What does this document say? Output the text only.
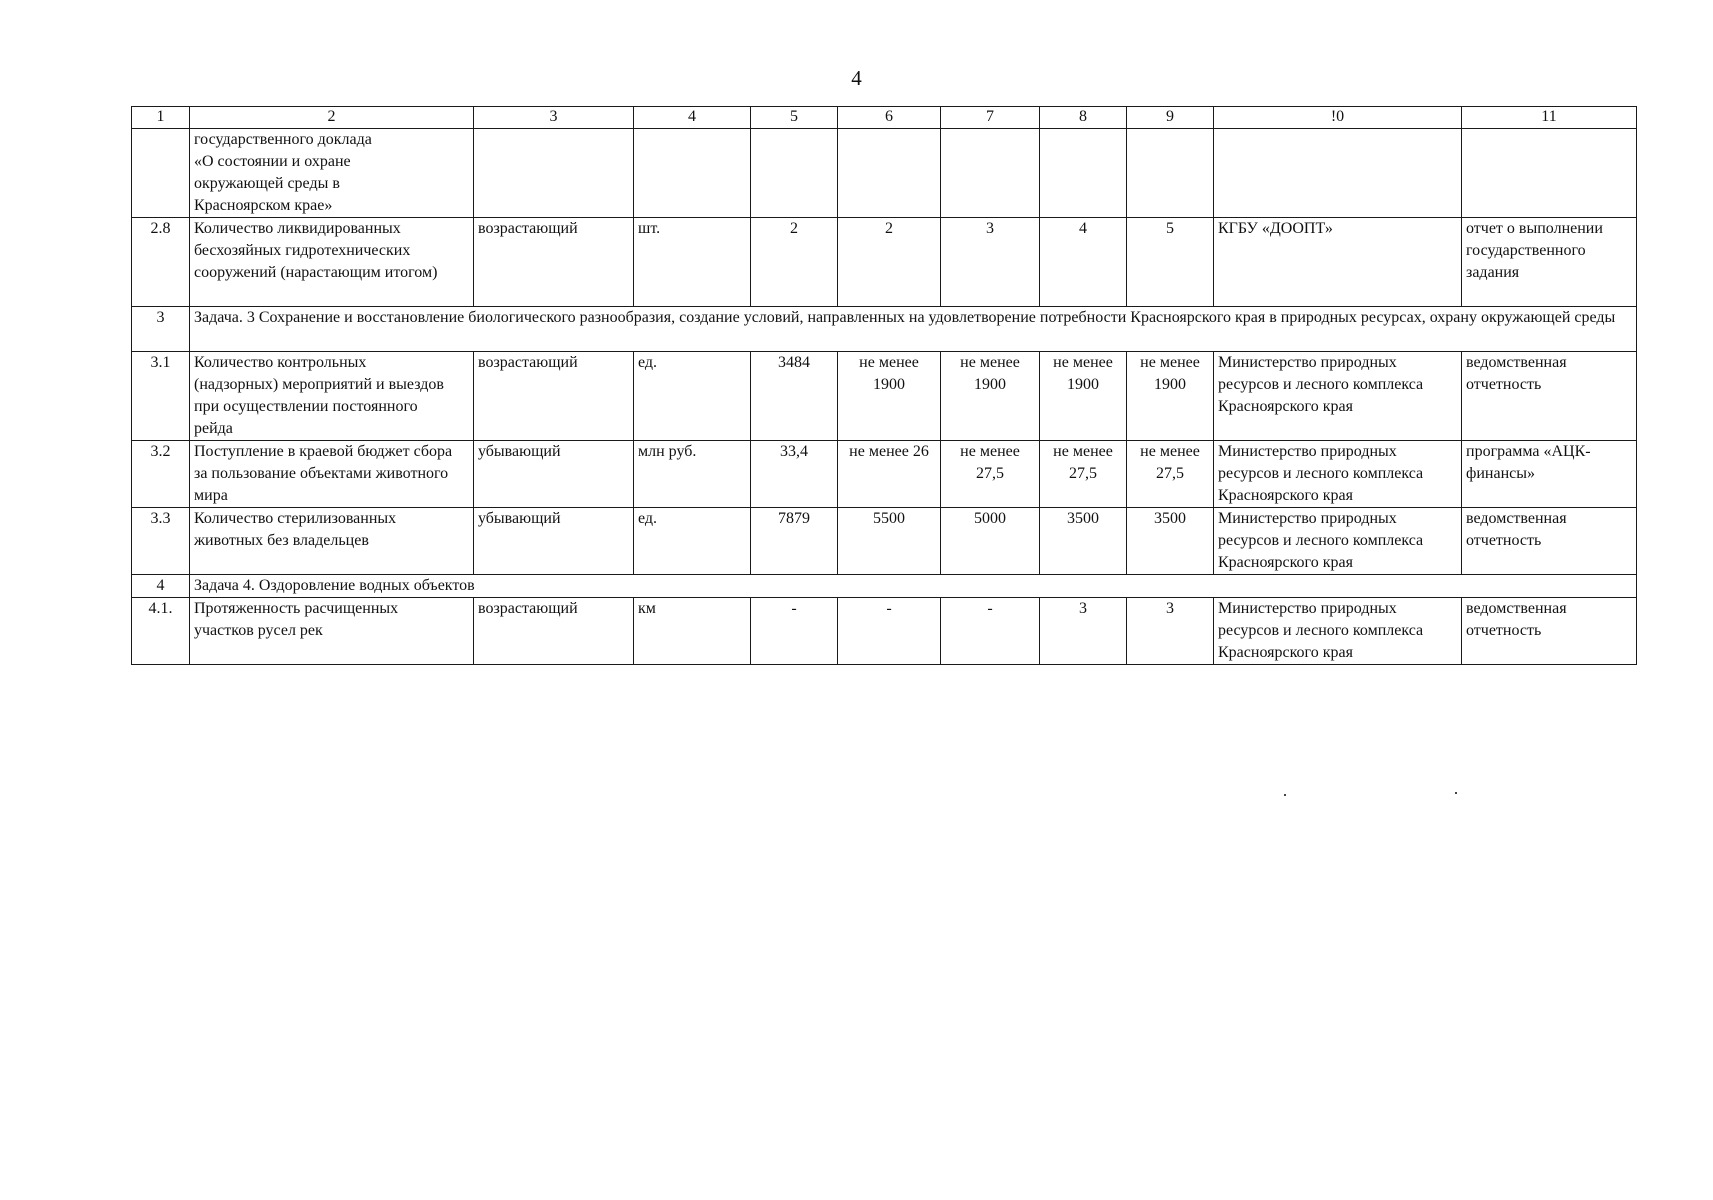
4
1	2	3	4	5	6	7	8	9	!0	11
	государственного доклада «О состоянии и охране окружающей среды в Красноярском крае»									
2.8	Количество ликвидированных бесхозяйных гидротехнических сооружений (нарастающим итогом)	возрастающий	шт.	2	2	3	4	5	КГБУ «ДООПТ»	отчет о выполнении государственного задания
3	Задача. 3 Сохранение и восстановление биологического разнообразия, создание условий, направленных на удовлетворение потребности Красноярского края в природных ресурсах, охрану окружающей среды									
3.1	Количество контрольных (надзорных) мероприятий и выездов при осуществлении постоянного рейда	возрастающий	ед.	3484	не менее 1900	не менее 1900	не менее 1900	не менее 1900	Министерство природных ресурсов и лесного комплекса Красноярского края	ведомственная отчетность
3.2	Поступление в краевой бюджет сбора за пользование объектами животного мира	убывающий	млн руб.	33,4	не менее 26	не менее 27,5	не менее 27,5	не менее 27,5	Министерство природных ресурсов и лесного комплекса Красноярского края	программа «АЦК-финансы»
3.3	Количество стерилизованных животных без владельцев	убывающий	ед.	7879	5500	5000	3500	3500	Министерство природных ресурсов и лесного комплекса Красноярского края	ведомственная отчетность
4	Задача 4. Оздоровление водных объектов									
4.1.	Протяженность расчищенных участков русел рек	возрастающий	км	-	-	-	3	3	Министерство природных ресурсов и лесного комплекса Красноярского края	ведомственная отчетность
